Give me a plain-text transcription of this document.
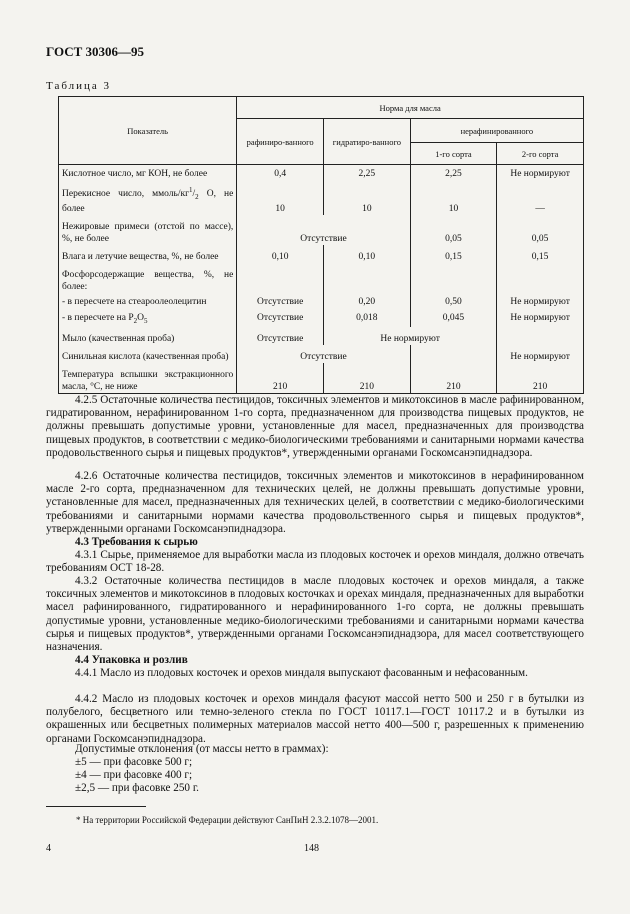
ГОСТ 30306—95
Таблица 3
Показатель	Норма для масла			
	рафиниро-ванного	гидратиро-ванного	нерафинированного	
			1-го сорта	2-го сорта
Кислотное число, мг КОН, не более	0,4	2,25	2,25	Не нормируют
Перекисное число, ммоль/$кг^1/_2$ О, не более	10	10	10	—
Нежировые примеси (отстой по массе), %, не более	Отсутствие		0,05	0,05
Влага и летучие вещества, %, не более	0,10	0,10	0,15	0,15
Фосфорсодержащие вещества, %, не более:				
- в пересчете на стеароолеолецитин	Отсутствие	0,20	0,50	Не нормируют
- в пересчете на $P_2O_5$	Отсутствие	0,018	0,045	Не нормируют
Мыло (качественная проба)	Отсутствие	Не нормируют		
Синильная кислота (качественная проба)	Отсутствие			Не нормируют
Температура вспышки экстракционного масла, °С, не ниже	210	210	210	210
4.2.5 Остаточные количества пестицидов, токсичных элементов и микотоксинов в масле рафинированном, гидратированном, нерафинированном 1-го сорта, предназначенном для производства пищевых продуктов, не должны превышать допустимые уровни, установленные для масел, предназначенных для производства пищевых продуктов, в соответствии с медико-биологическими требованиями и санитарными нормами качества продовольственного сырья и пищевых продуктов*, утвержденными органами Госкомсанэпиднадзора.
4.2.6 Остаточные количества пестицидов, токсичных элементов и микотоксинов в нерафинированном масле 2-го сорта, предназначенном для технических целей, не должны превышать допустимые уровни, установленные для масел, предназначенных для технических целей, в соответствии с медико-биологическими требованиями и санитарными нормами качества продовольственного сырья и пищевых продуктов*, утвержденными органами Госкомсанэпиднадзора.
4.3 Требования к сырью
4.3.1 Сырье, применяемое для выработки масла из плодовых косточек и орехов миндаля, должно отвечать требованиям ОСТ 18-28.
4.3.2 Остаточные количества пестицидов в масле плодовых косточек и орехов миндаля, а также токсичных элементов и микотоксинов в плодовых косточках и орехах миндаля, предназначенных для выработки масел рафинированного, гидратированного и нерафинированного 1-го сорта, не должны превышать допустимые уровни, установленные медико-биологическими требованиями и санитарными нормами качества сырья и пищевых продуктов*, утвержденными органами Госкомсанэпиднадзора, для масел соответствующего назначения.
4.4 Упаковка и розлив
4.4.1 Масло из плодовых косточек и орехов миндаля выпускают фасованным и нефасованным.
4.4.2 Масло из плодовых косточек и орехов миндаля фасуют массой нетто 500 и 250 г в бутылки из полубелого, бесцветного или темно-зеленого стекла по ГОСТ 10117.1—ГОСТ 10117.2 и в бутылки из окрашенных или бесцветных полимерных материалов массой нетто 400—500 г, разрешенных к применению органами Госкомсанэпиднадзора.
Допустимые отклонения (от массы нетто в граммах):
±5 — при фасовке 500 г;
±4 — при фасовке 400 г;
±2,5 — при фасовке 250 г.
* На территории Российской Федерации действуют СанПиН 2.3.2.1078—2001.
4	148
